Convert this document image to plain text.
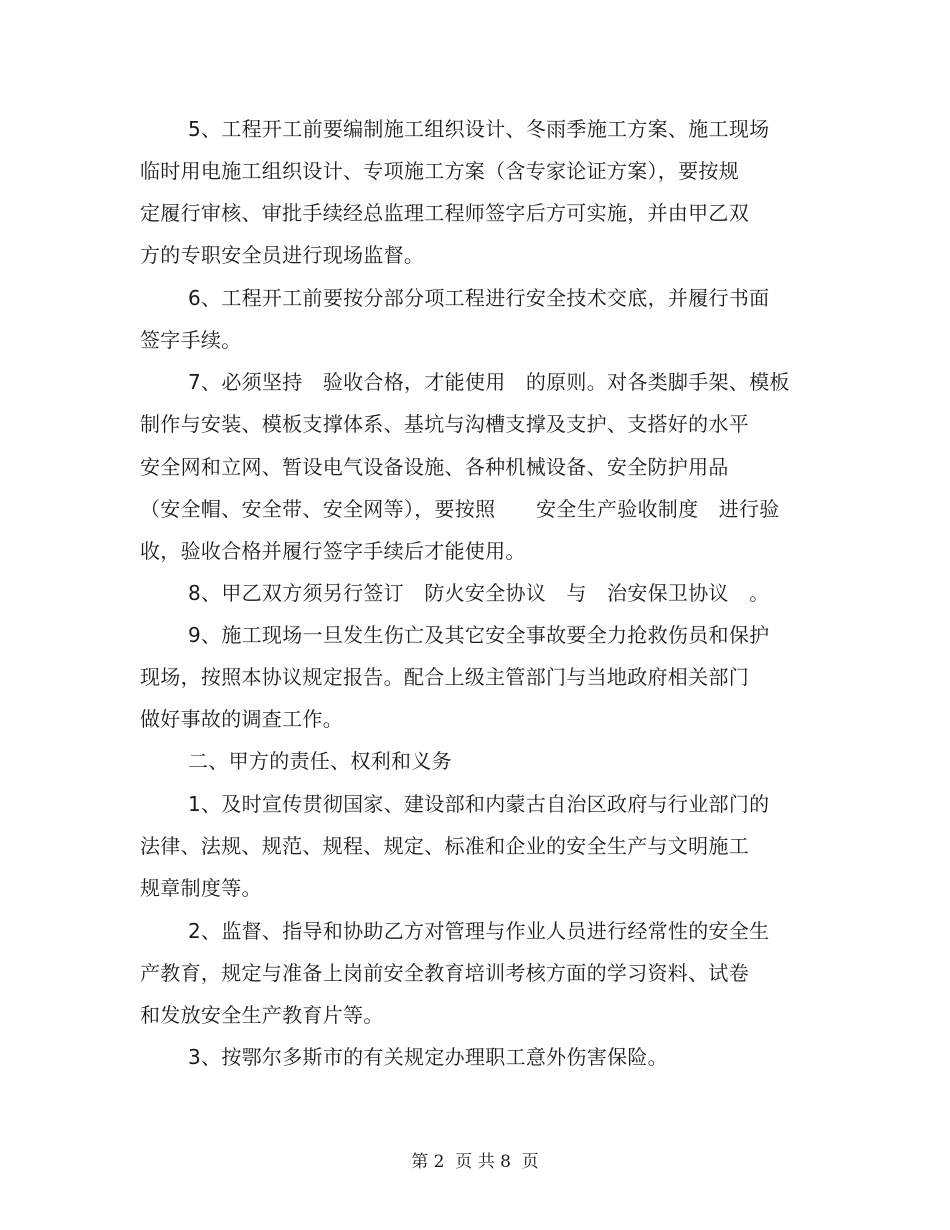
5、工程开工前要编制施工组织设计、冬雨季施工方案、施工现场
临时用电施工组织设计、专项施工方案（含专家论证方案），要按规
定履行审核、审批手续经总监理工程师签字后方可实施，并由甲乙双
方的专职安全员进行现场监督。
6、工程开工前要按分部分项工程进行安全技术交底，并履行书面
签字手续。
7、必须坚持　验收合格，才能使用　的原则。对各类脚手架、模板
制作与安装、模板支撑体系、基坑与沟槽支撑及支护、支搭好的水平
安全网和立网、暂设电气设备设施、各种机械设备、安全防护用品
（安全帽、安全带、安全网等），要按照　　安全生产验收制度　进行验
收，验收合格并履行签字手续后才能使用。
8、甲乙双方须另行签订　防火安全协议　与　治安保卫协议　。
9、施工现场一旦发生伤亡及其它安全事故要全力抢救伤员和保护
现场，按照本协议规定报告。配合上级主管部门与当地政府相关部门
做好事故的调查工作。
二、甲方的责任、权利和义务
1、及时宣传贯彻国家、建设部和内蒙古自治区政府与行业部门的
法律、法规、规范、规程、规定、标准和企业的安全生产与文明施工
规章制度等。
2、监督、指导和协助乙方对管理与作业人员进行经常性的安全生
产教育，规定与准备上岗前安全教育培训考核方面的学习资料、试卷
和发放安全生产教育片等。
3、按鄂尔多斯市的有关规定办理职工意外伤害保险。
第 2  页 共 8  页
